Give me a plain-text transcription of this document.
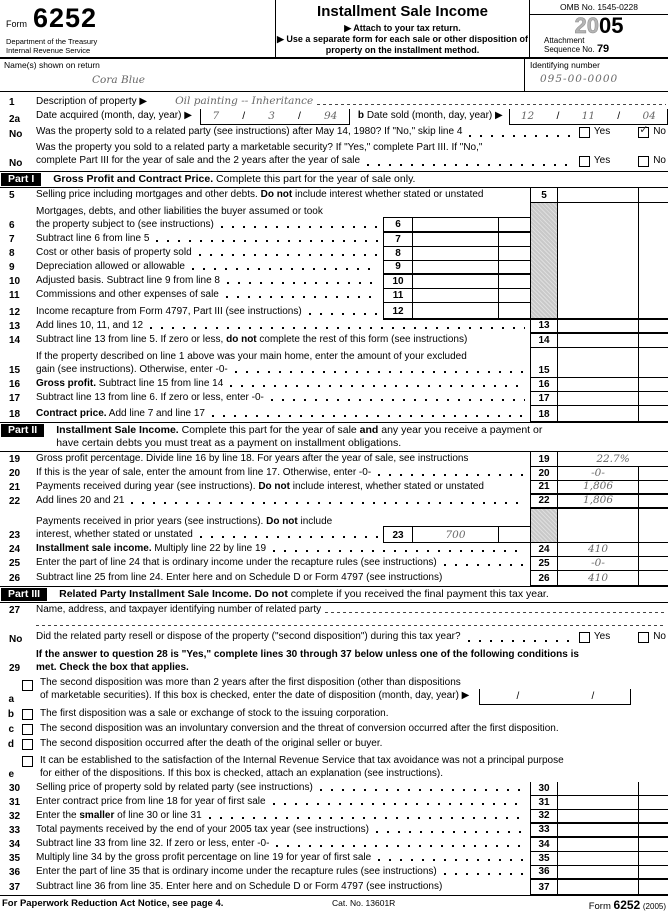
Form 6252
Department of the Treasury
Internal Revenue Service
Installment Sale Income
▶ Attach to your tax return.
▶ Use a separate form for each sale or other disposition of
property on the installment method.
OMB No. 1545-0228
2005
Attachment
Sequence No. 79
Name(s) shown on return
Cora Blue
Identifying number
095-00-0000
1	Description of property ▶	Oil painting -- Inheritance
2a	Date acquired (month, day, year) ▶ 7 / 3 / 94 b Date sold (month, day, year) ▶ 12 / 11 / 04
No	Was the property sold to a related party (see instructions) after May 14, 1980? If "No," skip line 4	Yes	✓ No
No
Was the property you sold to a related party a marketable security? If "Yes," complete Part III. If "No,"
complete Part III for the year of sale and the 2 years after the year of sale	Yes	No
Part I	Gross Profit and Contract Price. Complete this part for the year of sale only.
5	Selling price including mortgages and other debts. Do not include interest whether stated or unstated	5
6
Mortgages, debts, and other liabilities the buyer assumed or took
the property subject to (see instructions)	6
7	Subtract line 6 from line 5	7
8	Cost or other basis of property sold	8
9	Depreciation allowed or allowable	9
10	Adjusted basis. Subtract line 9 from line 8	10
11	Commissions and other expenses of sale	11
12	Income recapture from Form 4797, Part III (see instructions)	12
13	Add lines 10, 11, and 12	13
14	Subtract line 13 from line 5. If zero or less, do not complete the rest of this form (see instructions)	14
15
If the property described on line 1 above was your main home, enter the amount of your excluded
gain (see instructions). Otherwise, enter -0-	15
16	Gross profit. Subtract line 15 from line 14	16
17	Subtract line 13 from line 6. If zero or less, enter -0-	17
18	Contract price. Add line 7 and line 17	18
Part II	Installment Sale Income. Complete this part for the year of sale and any year you receive a payment or
have certain debts you must treat as a payment on installment obligations.
19	Gross profit percentage. Divide line 16 by line 18. For years after the year of sale, see instructions	19	22.7%
20	If this is the year of sale, enter the amount from line 17. Otherwise, enter -0-	20	-0-
21	Payments received during year (see instructions). Do not include interest, whether stated or unstated	21	1,806
22	Add lines 20 and 21	22	1,806
23
Payments received in prior years (see instructions). Do not include
interest, whether stated or unstated	23	700
24	Installment sale income. Multiply line 22 by line 19	24	410
25	Enter the part of line 24 that is ordinary income under the recapture rules (see instructions)	25	-0-
26	Subtract line 25 from line 24. Enter here and on Schedule D or Form 4797 (see instructions)	26	410
Part III	Related Party Installment Sale Income. Do not complete if you received the final payment this tax year.
27	Name, address, and taxpayer identifying number of related party
No	Did the related party resell or dispose of the property ("second disposition") during this tax year?	Yes	No
29
If the answer to question 28 is "Yes," complete lines 30 through 37 below unless one of the following conditions is
met. Check the box that applies.
a
The second disposition was more than 2 years after the first disposition (other than dispositions
of marketable securities). If this box is checked, enter the date of disposition (month, day, year) ▶	/	/
b	The first disposition was a sale or exchange of stock to the issuing corporation.
c	The second disposition was an involuntary conversion and the threat of conversion occurred after the first disposition.
d	The second disposition occurred after the death of the original seller or buyer.
e
It can be established to the satisfaction of the Internal Revenue Service that tax avoidance was not a principal purpose
for either of the dispositions. If this box is checked, attach an explanation (see instructions).
30	Selling price of property sold by related party (see instructions)	30
31	Enter contract price from line 18 for year of first sale	31
32	Enter the smaller of line 30 or line 31	32
33	Total payments received by the end of your 2005 tax year (see instructions)	33
34	Subtract line 33 from line 32. If zero or less, enter -0-	34
35	Multiply line 34 by the gross profit percentage on line 19 for year of first sale	35
36	Enter the part of line 35 that is ordinary income under the recapture rules (see instructions)	36
37	Subtract line 36 from line 35. Enter here and on Schedule D or Form 4797 (see instructions)	37
For Paperwork Reduction Act Notice, see page 4.	Cat. No. 13601R	Form 6252 (2005)
